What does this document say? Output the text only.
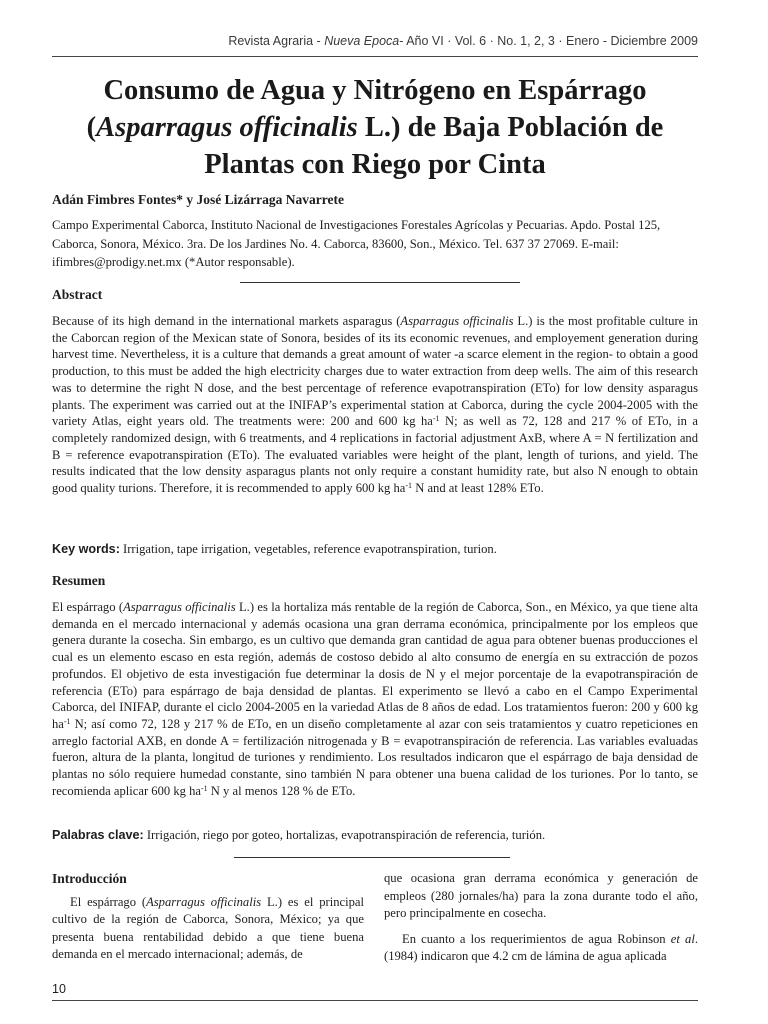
Revista Agraria - Nueva Epoca- Año VI · Vol. 6 · No. 1, 2, 3 · Enero - Diciembre 2009
Consumo de Agua y Nitrógeno en Espárrago
(Asparragus officinalis L.) de Baja Población de
Plantas con Riego por Cinta
Adán Fimbres Fontes* y José Lizárraga Navarrete
Campo Experimental Caborca, Instituto Nacional de Investigaciones Forestales Agrícolas y Pecuarias. Apdo. Postal 125, Caborca, Sonora, México. 3ra. De los Jardines No. 4. Caborca, 83600, Son., México. Tel. 637 37 27069. E-mail: ifimbres@prodigy.net.mx (*Autor responsable).
Abstract

Because of its high demand in the international markets asparagus (Asparragus officinalis L.) is the most profitable culture in the Caborcan region of the Mexican state of Sonora, besides of its its economic revenues, and employement generation during harvest time. Nevertheless, it is a culture that demands a great amount of water -a scarce element in the region- to obtain a good production, to this must be added the high electricity charges due to water extraction from deep wells. The aim of this research was to determine the right N dose, and the best percentage of reference evapotranspiration (ETo) for low density asparagus plants. The experiment was carried out at the INIFAP’s experimental station at Caborca, during the cycle 2004-2005 with the variety Atlas, eight years old. The treatments were: 200 and 600 kg $ha^{-1}$ N; as well as 72, 128 and 217 % of ETo, in a completely randomized design, with 6 treatments, and 4 replications in factorial adjustment AxB, where A = N fertilization and B = reference evapotranspiration (ETo). The evaluated variables were height of the plant, length of turions, and yield. The results indicated that the low density asparagus plants not only require a constant humidity rate, but also N enough to obtain good quality turions. Therefore, it is recommended to apply 600 kg $ha^{-1}$ N and at least 128% ETo.

Key words: Irrigation, tape irrigation, vegetables, reference evapotranspiration, turion.

Resumen

El espárrago (Asparragus officinalis L.) es la hortaliza más rentable de la región de Caborca, Son., en México, ya que tiene alta demanda en el mercado internacional y además ocasiona una gran derrama económica, principalmente por los empleos que genera durante la cosecha. Sin embargo, es un cultivo que demanda gran cantidad de agua para obtener buenas producciones el cual es un elemento escaso en esta región, además de costoso debido al alto consumo de energía en su extracción de pozos profundos. El objetivo de esta investigación fue determinar la dosis de N y el mejor porcentaje de la evapotranspiración de referencia (ETo) para espárrago de baja densidad de plantas. El experimento se llevó a cabo en el Campo Experimental Caborca, del INIFAP, durante el ciclo 2004-2005 en la variedad Atlas de 8 años de edad. Los tratamientos fueron: 200 y 600 kg $ha^{-1}$ N; así como 72, 128 y 217 % de ETo, en un diseño completamente al azar con seis tratamientos y cuatro repeticiones en arreglo factorial AXB, en donde A = fertilización nitrogenada y B = evapotranspiración de referencia. Las variables evaluadas fueron, altura de la planta, longitud de turiones y rendimiento. Los resultados indicaron que el espárrago de baja densidad de plantas no sólo requiere humedad constante, sino también N para obtener una buena calidad de los turiones. Por lo tanto, se recomienda aplicar 600 kg $ha^{-1}$ N y al menos 128 % de ETo.

Palabras clave: Irrigación, riego por goteo, hortalizas, evapotranspiración de referencia, turión.

Introducción

El espárrago (Asparragus officinalis L.) es el principal cultivo de la región de Caborca, Sonora, México; ya que presenta buena rentabilidad debido a que tiene buena demanda en el mercado internacional; además, de

que ocasiona gran derrama económica y generación de empleos (280 jornales/ha) para la zona durante todo el año, pero principalmente en cosecha.

En cuanto a los requerimientos de agua Robinson et al. (1984) indicaron que 4.2 cm de lámina de agua aplicada

10
